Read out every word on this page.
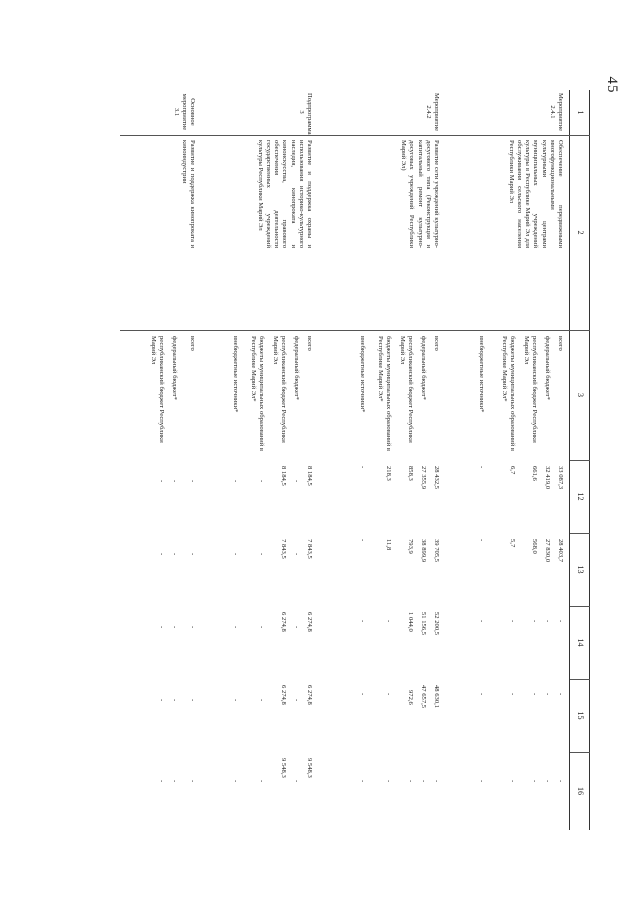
45
1
2
3
12
13
14
15
16
Мероприятие 2.4.1
Обеспечение передвижными многофункциональными культурными центрами муниципальных учреждений культуры в Республике Марий Эл для обслуживания сельского населения Республики Марий Эл
всего
федеральный бюджет*
республиканский бюджет Республики Марий Эл
бюджеты муниципальных образований в Республике Марий Эл*
внебюджетные источники*
33 087,3
28 403,7
-
-
-
32 419,0
27 830,0
-
-
-
661,6
568,0
-
-
-
6,7
5,7
-
-
-
-
-
-
-
-
Мероприятие 2.4.2
Развитие сети учреждений культурно-досугового типа (Реконструкция и капитальный ремонт культурно-досуговых учреждений Республики Марий Эл)
всего
федеральный бюджет*
республиканский бюджет Республики Марий Эл
бюджеты муниципальных образований в Республике Марий Эл*
внебюджетные источники*
28 432,5
39 705,5
52 200,5
48 630,1
-
27 355,9
38 899,9
51 156,5
47 657,5
-
858,3
793,9
1 044,0
972,6
-
218,3
11,8
-
-
-
-
-
-
-
-
Подпрограмма 3
Развитие и поддержка охраны и использования историко-культурного наследия, кинопроката и киноискусства, правового обеспечения деятельности государственных учреждений культуры Республики Марий Эл
всего
федеральный бюджет*
республиканский бюджет Республики Марий Эл
бюджеты муниципальных образований в Республике Марий Эл*
внебюджетные источники*
8 184,5
7 843,5
6 274,8
6 274,8
9 548,3
-
-
-
-
-
8 184,5
7 843,5
6 274,8
6 274,8
9 548,3
-
-
-
-
-
-
-
-
-
-
Основное мероприятие 3.1
Развитие и поддержка кинопроката и киноиндустрии
всего
федеральный бюджет*
республиканский бюджет Республики Марий Эл
-
-
-
-
-
-
-
-
-
-
-
-
-
-
-
